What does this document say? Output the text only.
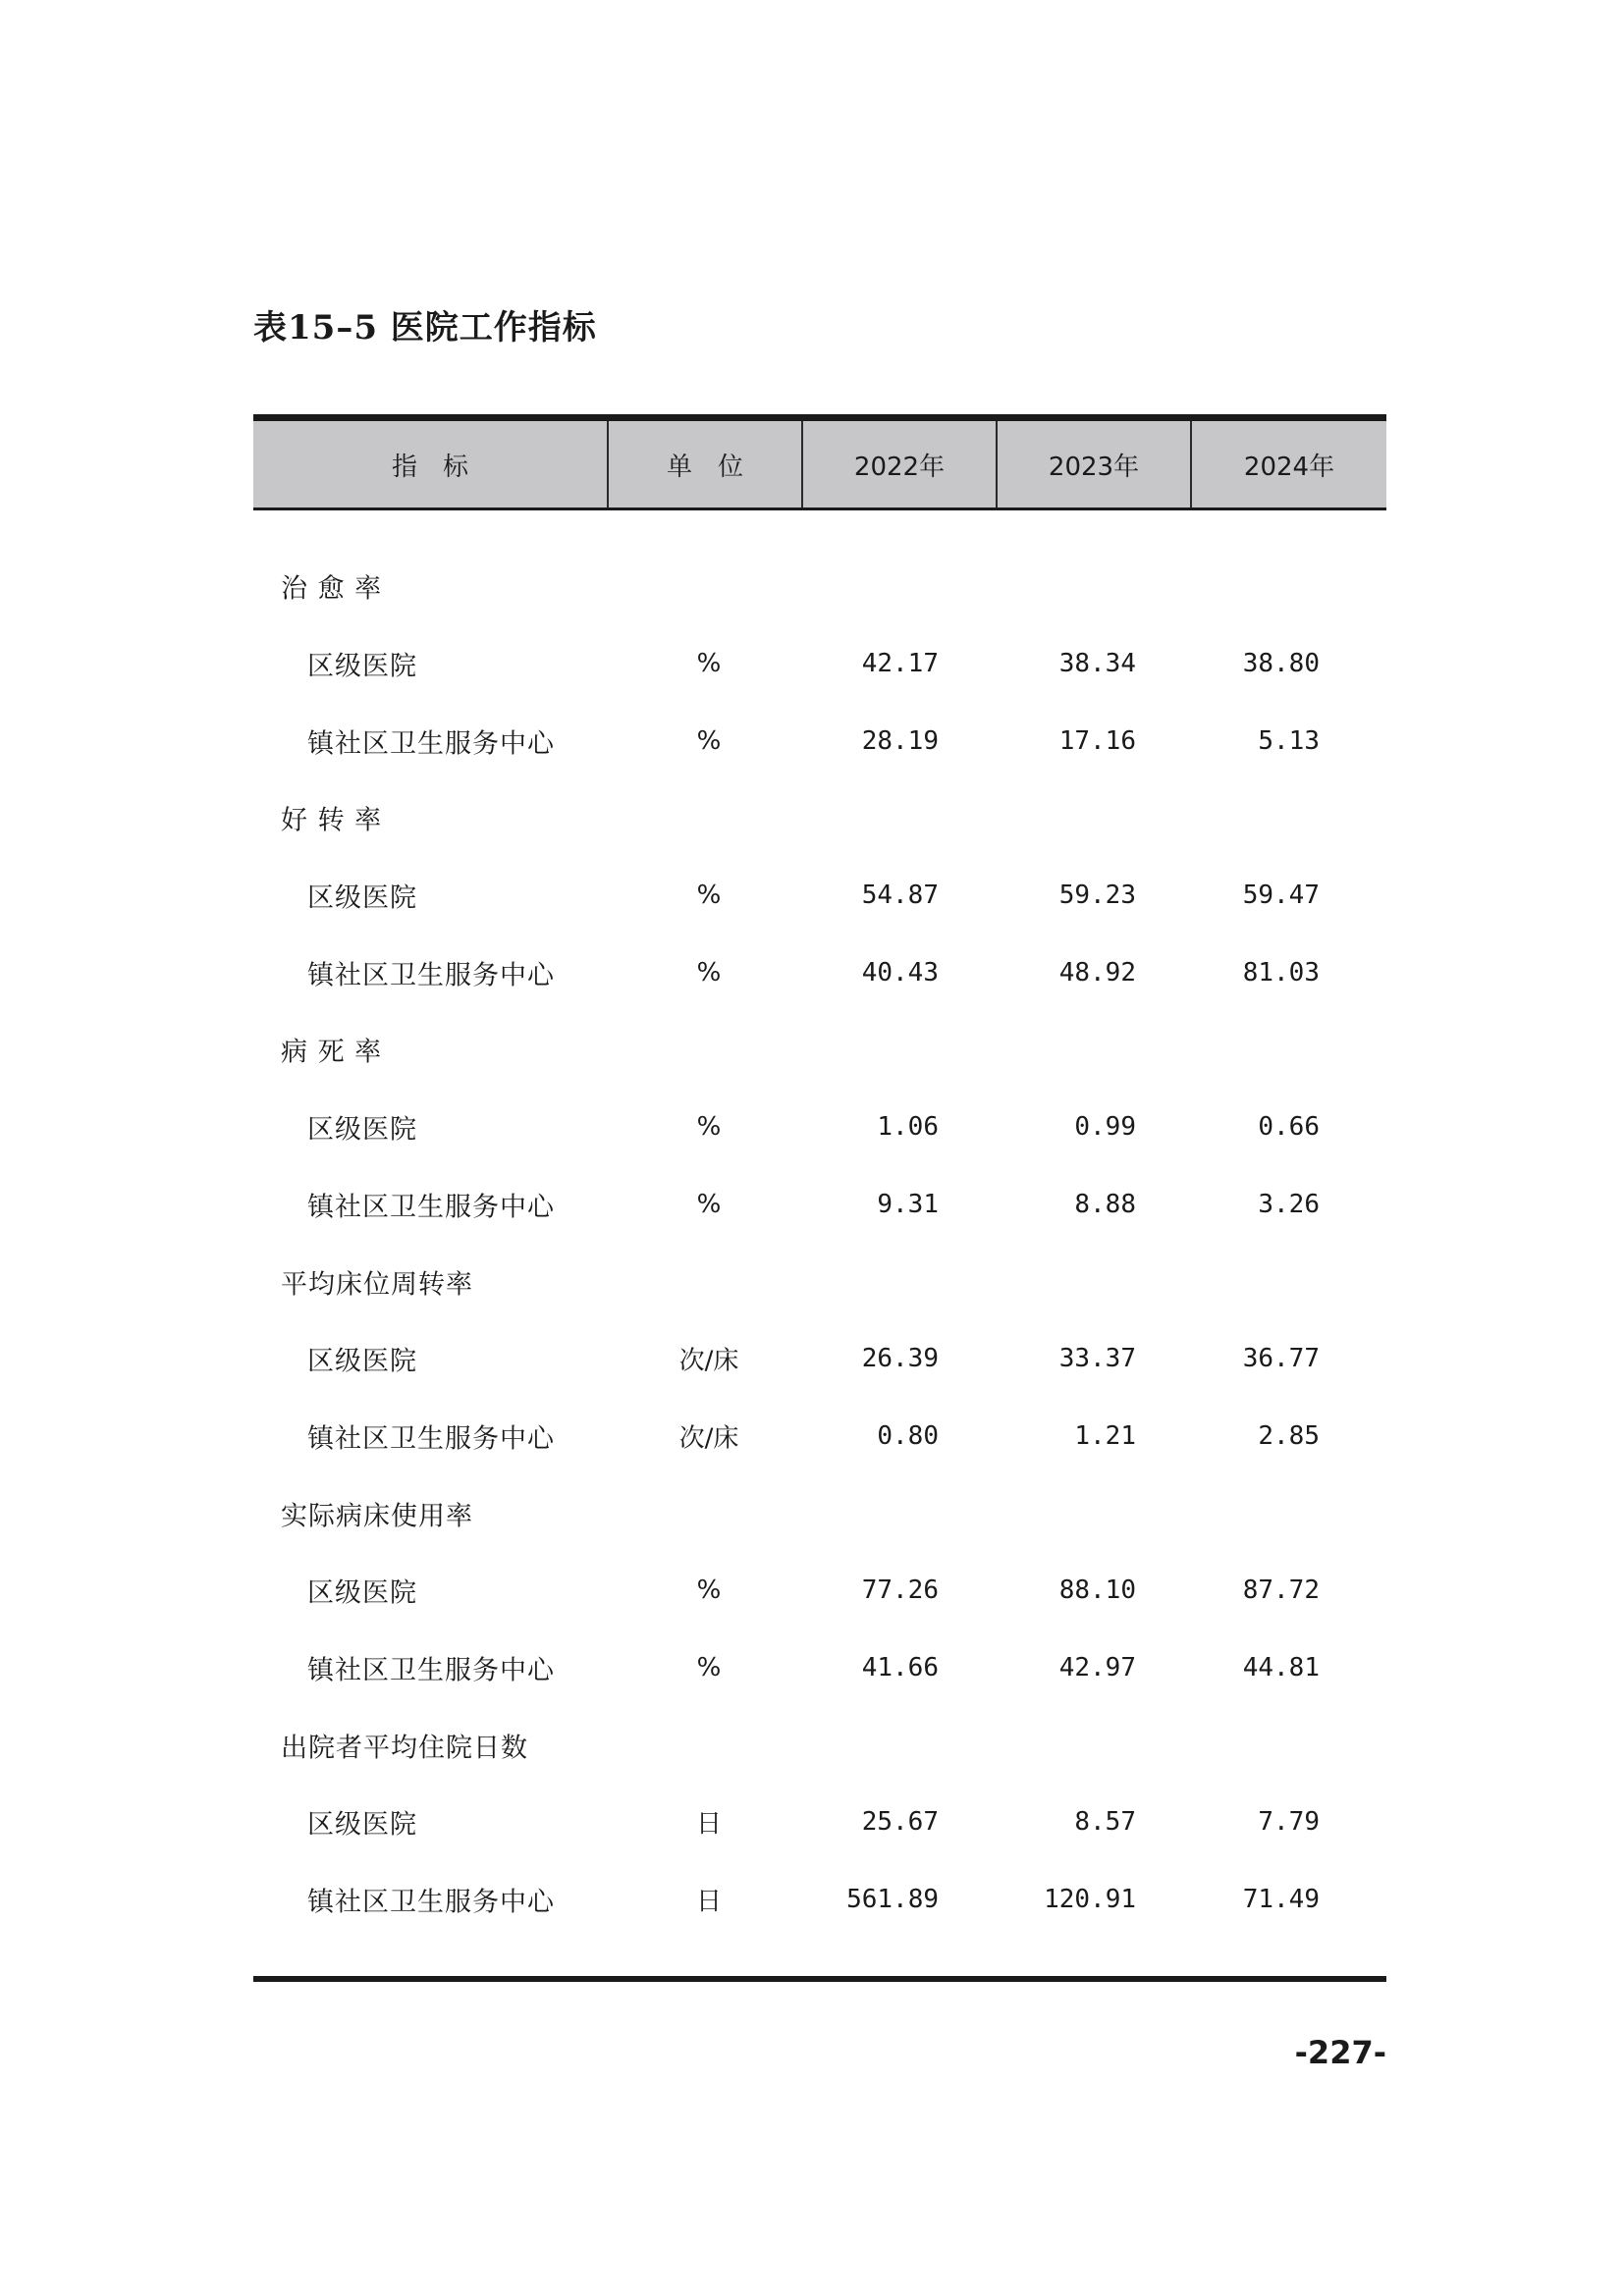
表15–5 医院工作指标
指　标	单　位	2022年	2023年	2024年
治 愈 率
区级医院	%	42.17	38.34	38.80
镇社区卫生服务中心	%	28.19	17.16	5.13
好 转 率
区级医院	%	54.87	59.23	59.47
镇社区卫生服务中心	%	40.43	48.92	81.03
病 死 率
区级医院	%	1.06	0.99	0.66
镇社区卫生服务中心	%	9.31	8.88	3.26
平均床位周转率
区级医院	次/床	26.39	33.37	36.77
镇社区卫生服务中心	次/床	0.80	1.21	2.85
实际病床使用率
区级医院	%	77.26	88.10	87.72
镇社区卫生服务中心	%	41.66	42.97	44.81
出院者平均住院日数
区级医院	日	25.67	8.57	7.79
镇社区卫生服务中心	日	561.89	120.91	71.49
-227-
